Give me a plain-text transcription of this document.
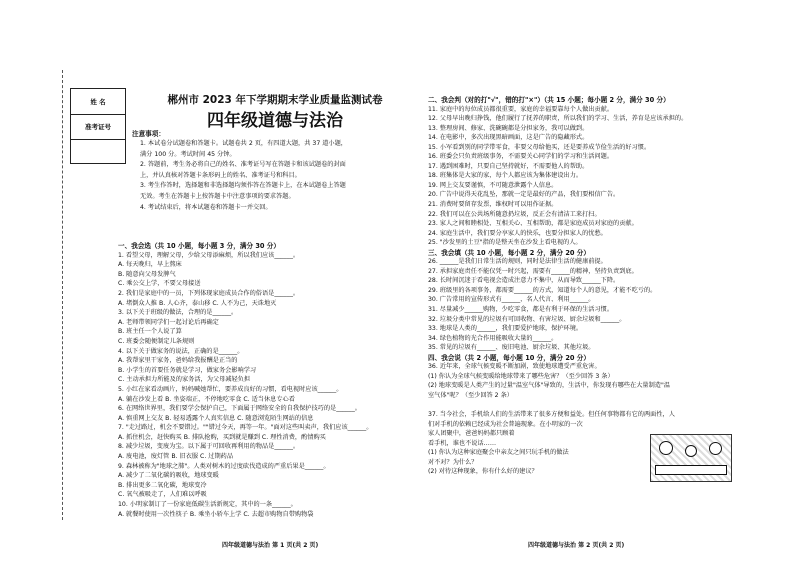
姓 名
准考证号
郴州市 2023 年下学期期末学业质量监测试卷
四年级道德与法治
注意事项：
1. 本试卷分试题卷和答题卡。试题卷共 2 页，有四道大题，共 37 道小题，
满分 100 分。考试时间 45 分钟。
2. 答题前，考生务必将自己的姓名、准考证号写在答题卡和该试题卷的封面
上，并认真核对答题卡条形码上的姓名、准考证号和科目。
3. 考生作答时，选择题和非选择题均须作答在答题卡上，在本试题卷上答题
无效。考生在答题卡上按答题卡中注意事项的要求答题。
4. 考试结束后，将本试题卷和答题卡一并交回。
一、我会选（共 10 小题，每小题 3 分，满分 30 分）
1. 看望父母，理解父母，少给父母添麻烦，所以我们应该______。
A. 每天晚归，早上熬床
B. 随意向父母发脾气
C. 乘公交上学，不要父母接送
2. 我们是家庭中的一员，下列体现家庭成员合作的俗语是______。
A. 堵倒众人推 B. 人心齐，泰山移 C. 人不为己，天诛地灭
3. 以下关于班级的做法，合理的是______。
A. 老师带领同学们一起讨论后再确定
B. 班主任一个人说了算
C. 班委会随便制定儿条规则
4. 以下关于做家务的说法，正确的是______。
A. 我帮家里干家务，爸妈给我报酬是正当的
B. 小学生的首要任务就是学习，做家务会影响学习
C. 主动承担力所能及的家务活，为父母减轻负担
5. 小红在家看动画片，妈妈喊她帮忙，要养成良好的习惯，看电视时应该______。
A. 躺在沙发上看 B. 坐姿端正，不停地吃零食 C. 适当休息专心看
6. 在网络世界里，我们要学会保护自己，下面属于网络安全的自我保护技巧的是______。
A. 慎重网上交友 B. 轻易透露个人真实信息 C. 随意浏览陌生网站的信息
7. "走过路过，机会不要错过。""错过今天，再等一年。"面对这些叫卖声，我们应该______。
A. 抓住机会，赶快购买 B. 排队抢购，买到就是赚到 C. 理性消费，酌情购买
8. 减少垃圾，变废为宝。以下属于可回收再利用的物品是______。
A. 废电池，废灯管 B. 旧衣服 C. 过期药品
9. 森林被称为"地球之肺"。人类对树木的过度砍伐造成的严重后果是______。
A. 减少了二氧化碳的吸收，地球变暖
B. 排出更多二氧化碳，地球变冷
C. 氧气被吸走了，人们难以呼吸
10. 小明家制订了一份家庭低碳生活新规定，其中的一条______。
A. 就餐时使用一次性筷子 B. 乘坐小轿车上学 C. 去超市购物自带购物袋
二、我会判（对的打"√"，错的打"×"）（共 15 小题；每小题 2 分，满分 30 分）
11. 家庭中的每位成员都很重要，家庭的幸福要靠每个人做出贡献。
12. 父母早出晚归挣钱，他们履行了抚养的职责，所以我们的学习、生活，养育是应该承担的。
13. 整理房间、修家、洗碗碗都是分担家务，我可以做到。
14. 在电影中，多次出现黑暗画面，这是广告的隐藏形式。
15. 小军看到别的同学带零食，非要父母给他买，还是要养成节俭生活的好习惯。
16. 班委会只负责班级事务，不需要关心同学们的学习和生活问题。
17. 遇到困难时，只要自己坚持就好，不需要他人的帮助。
18. 班集体是大家的家，每个人都应该为集体建设出力。
19. 网上交友要谨慎，不可随意泄露个人信息。
20. 广告中说得天花乱坠，那就一定是最好的产品，我们要相信广告。
21. 消费时要留存发票，维权时可以用作证据。
22. 我们可以在公共场所随意扔垃圾，反正会有清洁工来打扫。
23. 家人之间和睦相处、互相关心、互相帮助，都是家庭成员对家庭的贡献。
24. 家庭生活中，我们要分享家人的快乐，也要分担家人的忧愁。
25. "沙发里的土豆"指的是整天坐在沙发上看电视的人。
三、我会填（共 10 小题，每小题 2 分，满分 20 分）
26. ______是我们日常生活的规则，同时是法律生活的健康前提。
27. 承担家庭责任不能仅凭一时兴起，需要有______的精神，坚持负责到底。
28. 长时间沉迷于看电视会造成注意力不集中，从而导致______下降。
29. 班级里的各项事务，都需要______的方式，知道每个人的意见，才能不吃亏的。
30. 广告常用的宣传形式有______、名人代言、利用______。
31. 尽量减少______购物，少吃零食，都是有利于环保的生活习惯。
32. 垃圾分类中常见的垃圾有可回收物、有害垃圾、厨余垃圾和______。
33. 地球是人类的______，我们要爱护地球，保护环境。
34. 绿色植物的光合作用能吸收大量的______。
35. 常见的垃圾有______、废旧电池、厨余垃圾、其他垃圾。
四、我会说（共 2 小题，每小题 10 分，满分 20 分）
36. 近年来，全球气候变暖不断加剧，致使地球遭受严重危害。
(1) 你认为全球气候变暖给地球带来了哪些危害？（至少回答 3 条）
(2) 地球变暖是人类产生的过量"温室气体"导致的，生活中，你发现有哪些在大量制造"温
室气体"呢？（至少回答 2 条）
37. 当今社会，手机给人们的生活带来了很多方便和益处。但任何事物都有它的两面性，人
们对手机的依赖已经成为社会普遍现象。在小明家的一次
家人团聚中，爸爸妈妈都只顾着
看手机，谁也不说话……
(1) 你认为这种家庭聚会中亲友之间只玩手机的做法
对不对？为什么？
(2) 对待这种现象，你有什么好的建议？
四年级道德与法治 第 1 页(共 2 页)	四年级道德与法治 第 2 页(共 2 页)
